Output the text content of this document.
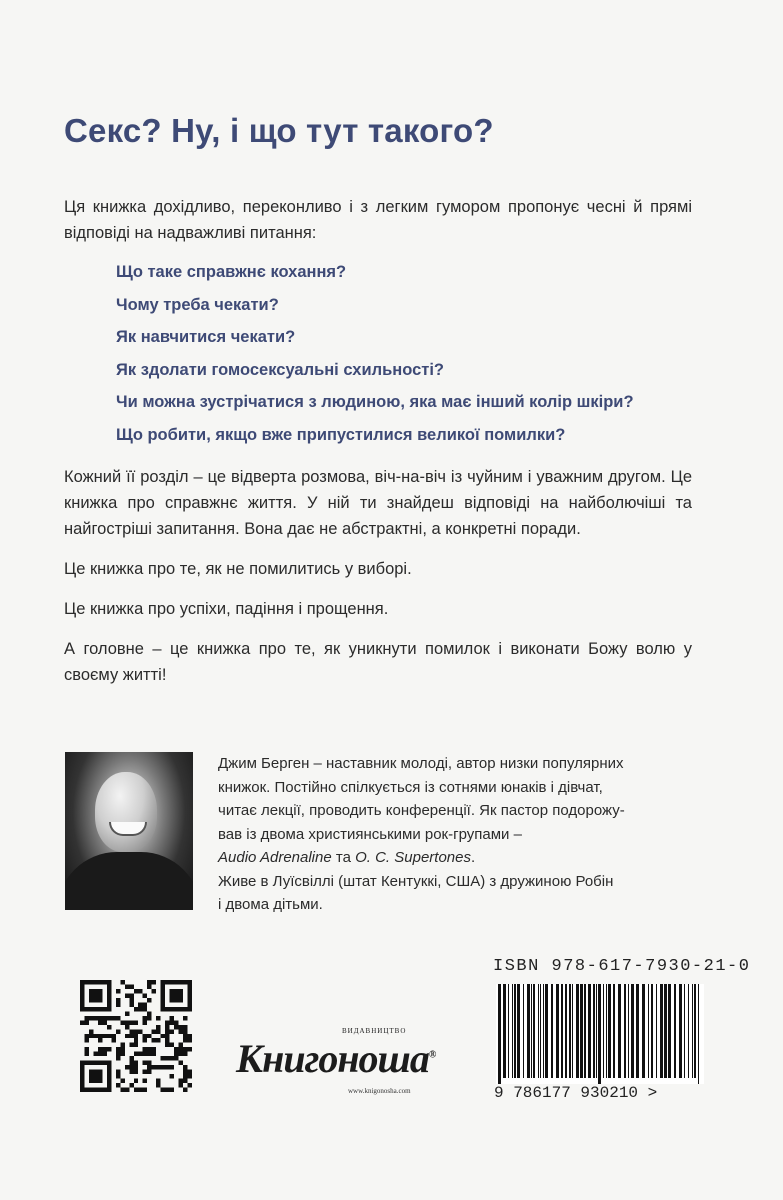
Секс? Ну, і що тут такого?

Ця книжка дохідливо, переконливо і з легким гумором пропонує чесні й прямі відповіді на надважливі питання:

Що таке справжнє кохання?
Чому треба чекати?
Як навчитися чекати?
Як здолати гомосексуальні схильності?
Чи можна зустрічатися з людиною, яка має інший колір шкіри?
Що робити, якщо вже припустилися великої помилки?

Кожний її розділ – це відверта розмова, віч-на-віч із чуйним і уважним другом. Це книжка про справжнє життя. У ній ти знайдеш відповіді на найболючіші та найгостріші запитання. Вона дає не абстрактні, а конкретні поради.

Це книжка про те, як не помилитись у виборі.

Це книжка про успіхи, падіння і прощення.

А головне – це книжка про те, як уникнути помилок і виконати Божу волю у своєму житті!

Джим Берген – наставник молоді, автор низки популярних
книжок. Постійно спілкується із сотнями юнаків і дівчат,
читає лекції, проводить конференції. Як пастор подорожу-
вав із двома християнськими рок-групами –
Audio Adrenaline та O. C. Supertones.
Живе в Луїсвіллі (штат Кентуккі, США) з дружиною Робін
і двома дітьми.
ВИДАВНИЦТВО
Книгоноша®
www.knigonosha.com
ISBN 978-617-7930-21-0
9 786177 930210 >
